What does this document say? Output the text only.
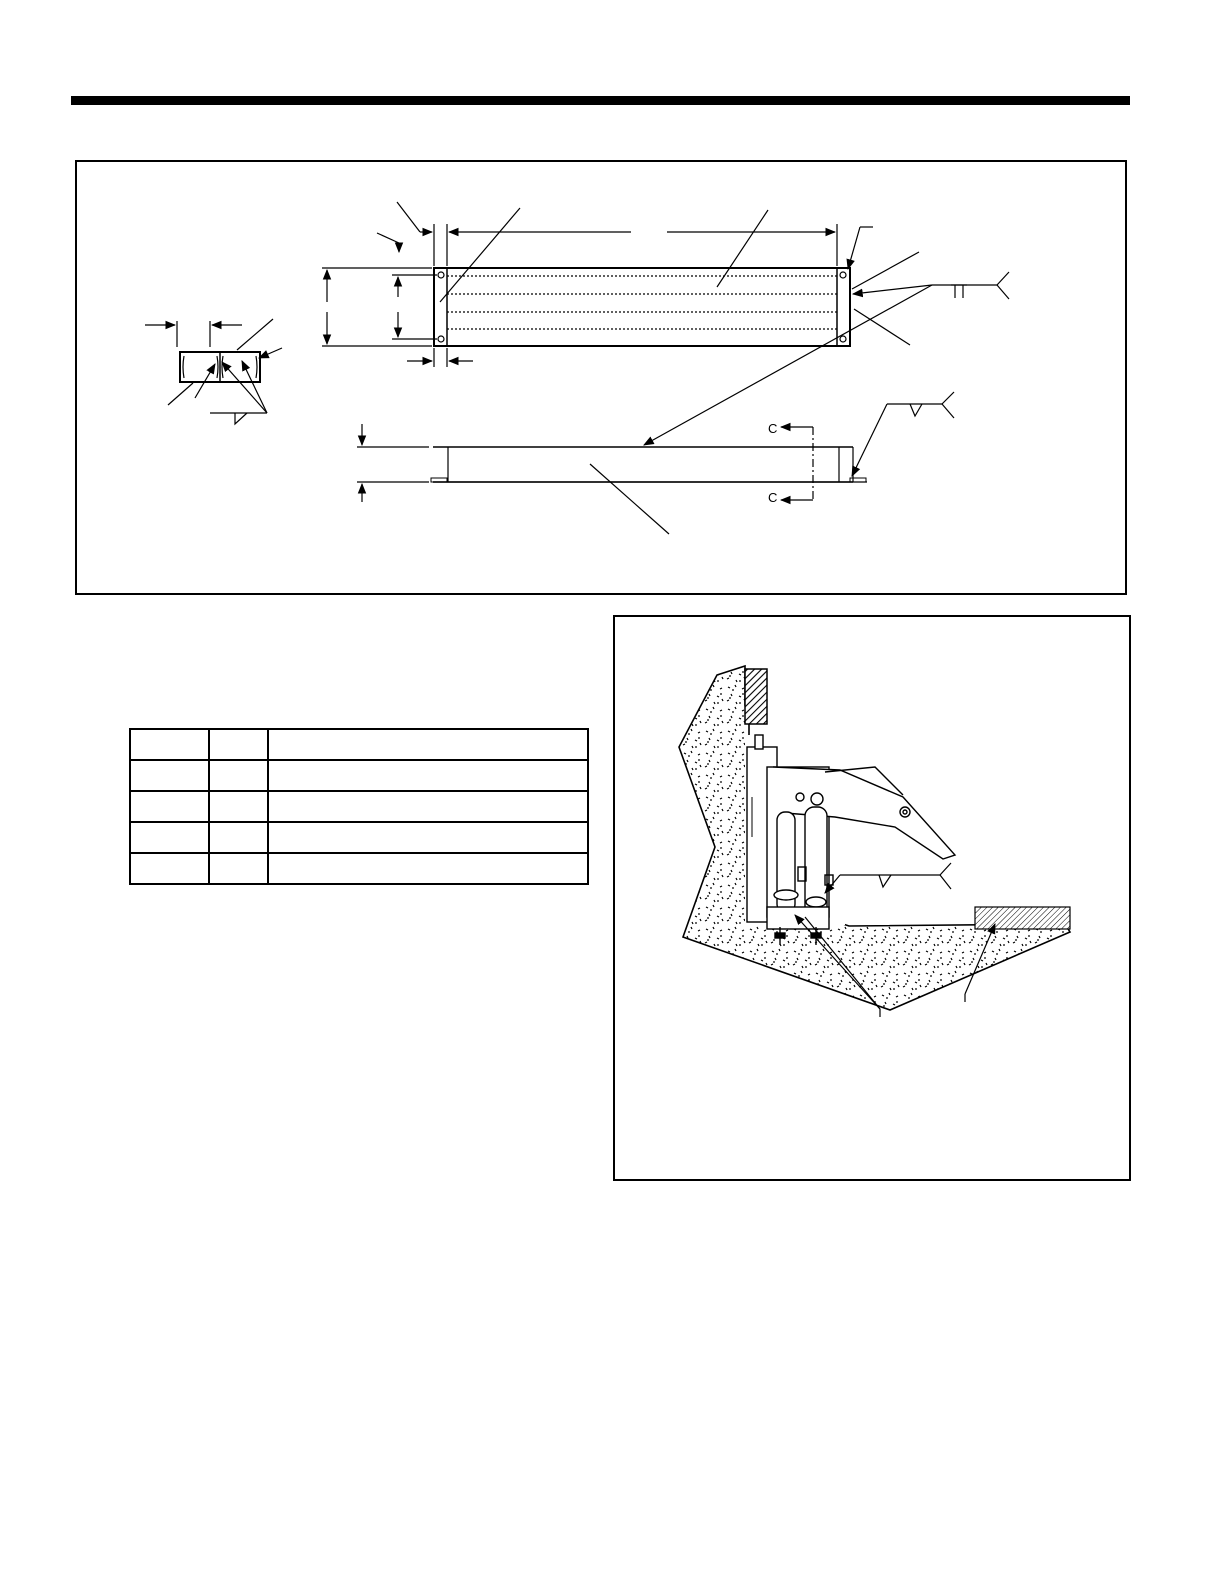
C
C
